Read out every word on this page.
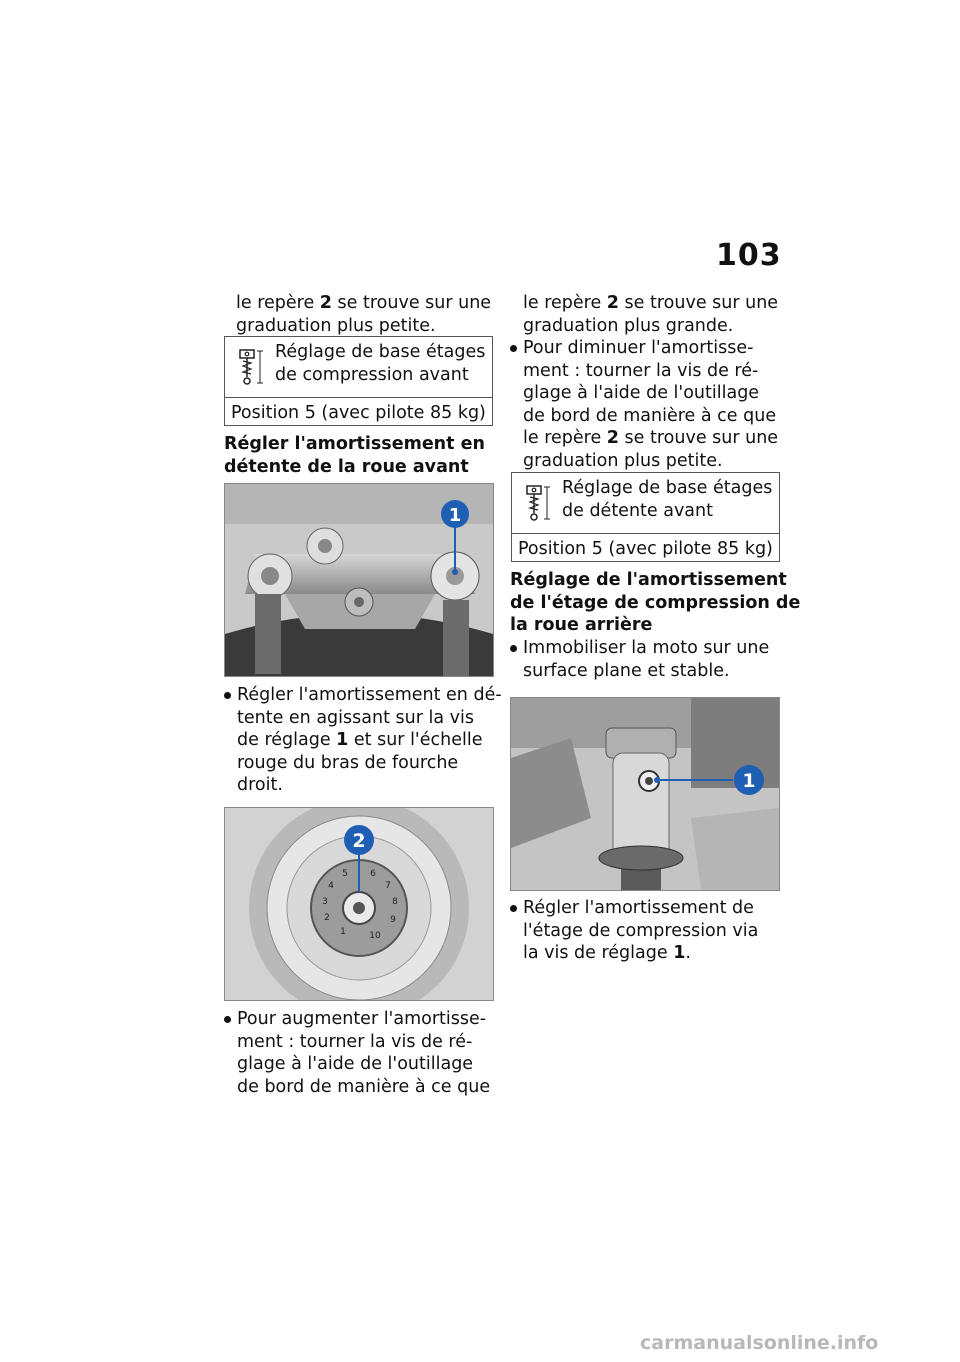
103
le repère 2 se trouve sur une
graduation plus petite.
Réglage de base étages
de compression avant
Position 5 (avec pilote 85 kg)
Régler l'amortissement en
détente de la roue avant
1
Régler l'amortissement en dé-
tente en agissant sur la vis
de réglage 1 et sur l'échelle
rouge du bras de fourche
droit.
6
7
8
9
10
1
2
3
4
5
2
Pour augmenter l'amortisse-
ment : tourner la vis de ré-
glage à l'aide de l'outillage
de bord de manière à ce que
le repère 2 se trouve sur une
graduation plus grande.
Pour diminuer l'amortisse-
ment : tourner la vis de ré-
glage à l'aide de l'outillage
de bord de manière à ce que
le repère 2 se trouve sur une
graduation plus petite.
Réglage de base étages
de détente avant
Position 5 (avec pilote 85 kg)
Réglage de l'amortissement
de l'étage de compression de
la roue arrière
Immobiliser la moto sur une
surface plane et stable.
1
Régler l'amortissement de
l'étage de compression via
la vis de réglage 1.
carmanualsonline.info
